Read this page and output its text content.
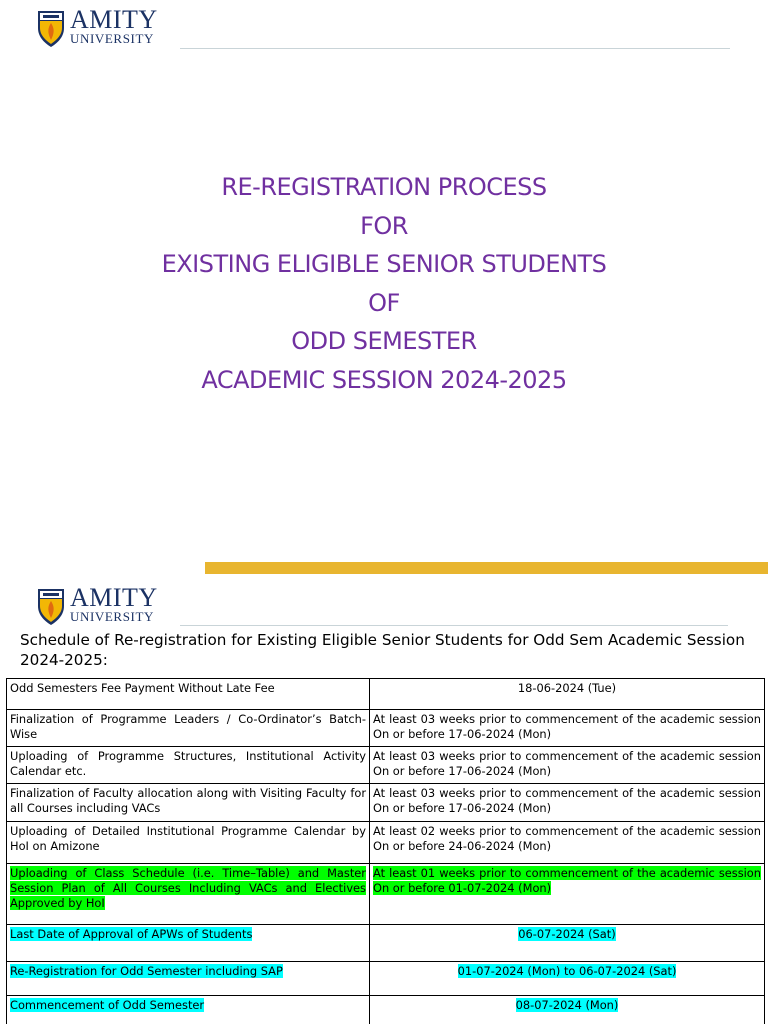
AMITY
UNIVERSITY
RE-REGISTRATION PROCESS
FOR
EXISTING ELIGIBLE SENIOR STUDENTS
OF
ODD SEMESTER
ACADEMIC SESSION 2024-2025
AMITY
UNIVERSITY
Schedule of Re-registration for Existing Eligible Senior Students for Odd Sem Academic Session 2024-2025:
Odd Semesters Fee Payment Without Late Fee	18-06-2024 (Tue)
Finalization of Programme Leaders / Co-Ordinator’s Batch-Wise	At least 03 weeks prior to commencement of the academic session On or before 17-06-2024 (Mon)
Uploading of Programme Structures, Institutional Activity Calendar etc.	At least 03 weeks prior to commencement of the academic session On or before 17-06-2024 (Mon)
Finalization of Faculty allocation along with Visiting Faculty for all Courses including VACs	At least 03 weeks prior to commencement of the academic session On or before 17-06-2024 (Mon)
Uploading of Detailed Institutional Programme Calendar by HoI on Amizone	At least 02 weeks prior to commencement of the academic session On or before 24-06-2024 (Mon)
Uploading of Class Schedule (i.e. Time–Table) and Master Session Plan of All Courses Including VACs and Electives Approved by HoI	At least 01 weeks prior to commencement of the academic session On or before 01-07-2024 (Mon)
Last Date of Approval of APWs of Students	06-07-2024 (Sat)
Re-Registration for Odd Semester including SAP	01-07-2024 (Mon) to 06-07-2024 (Sat)
Commencement of Odd Semester	08-07-2024 (Mon)
